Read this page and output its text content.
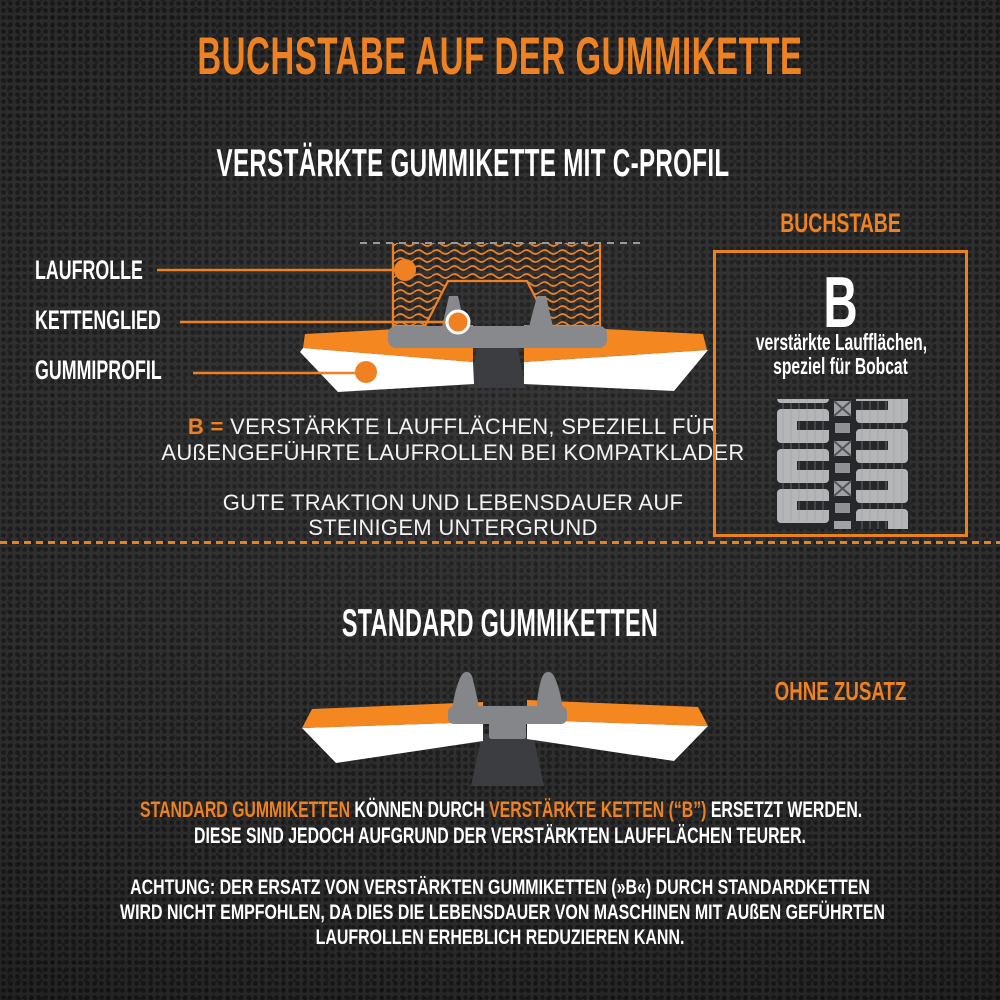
BUCHSTABE AUF DER GUMMIKETTE
VERSTÄRKTE GUMMIKETTE MIT C-PROFIL
LAUFROLLE
KETTENGLIED
GUMMIPROFIL
B = VERSTÄRKTE LAUFFLÄCHEN, SPEZIELL FÜR
AUßENGEFÜHRTE LAUFROLLEN BEI KOMPATKLADER
GUTE TRAKTION UND LEBENSDAUER AUF
STEINIGEM UNTERGRUND
BUCHSTABE
B
verstärkte Laufflächen,
speziel für Bobcat
STANDARD GUMMIKETTEN
OHNE ZUSATZ
STANDARD GUMMIKETTEN KÖNNEN DURCH VERSTÄRKTE KETTEN (“B”) ERSETZT WERDEN.
DIESE SIND JEDOCH AUFGRUND DER VERSTÄRKTEN LAUFFLÄCHEN TEURER.
ACHTUNG: DER ERSATZ VON VERSTÄRKTEN GUMMIKETTEN (»B«) DURCH STANDARDKETTEN
WIRD NICHT EMPFOHLEN, DA DIES DIE LEBENSDAUER VON MASCHINEN MIT AUßEN GEFÜHRTEN
LAUFROLLEN ERHEBLICH REDUZIEREN KANN.
